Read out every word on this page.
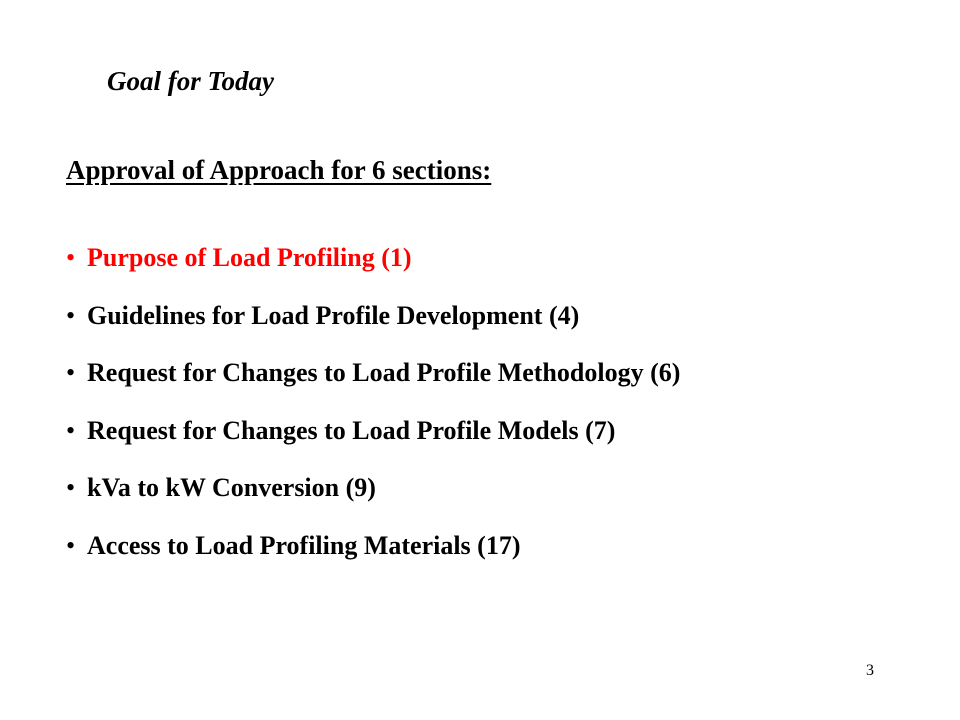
Goal for Today
Approval of Approach for 6 sections:
• Purpose of Load Profiling (1)
• Guidelines for Load Profile Development (4)
• Request for Changes to Load Profile Methodology (6)
• Request for Changes to Load Profile Models (7)
• kVa to kW Conversion (9)
• Access to Load Profiling Materials (17)
3
